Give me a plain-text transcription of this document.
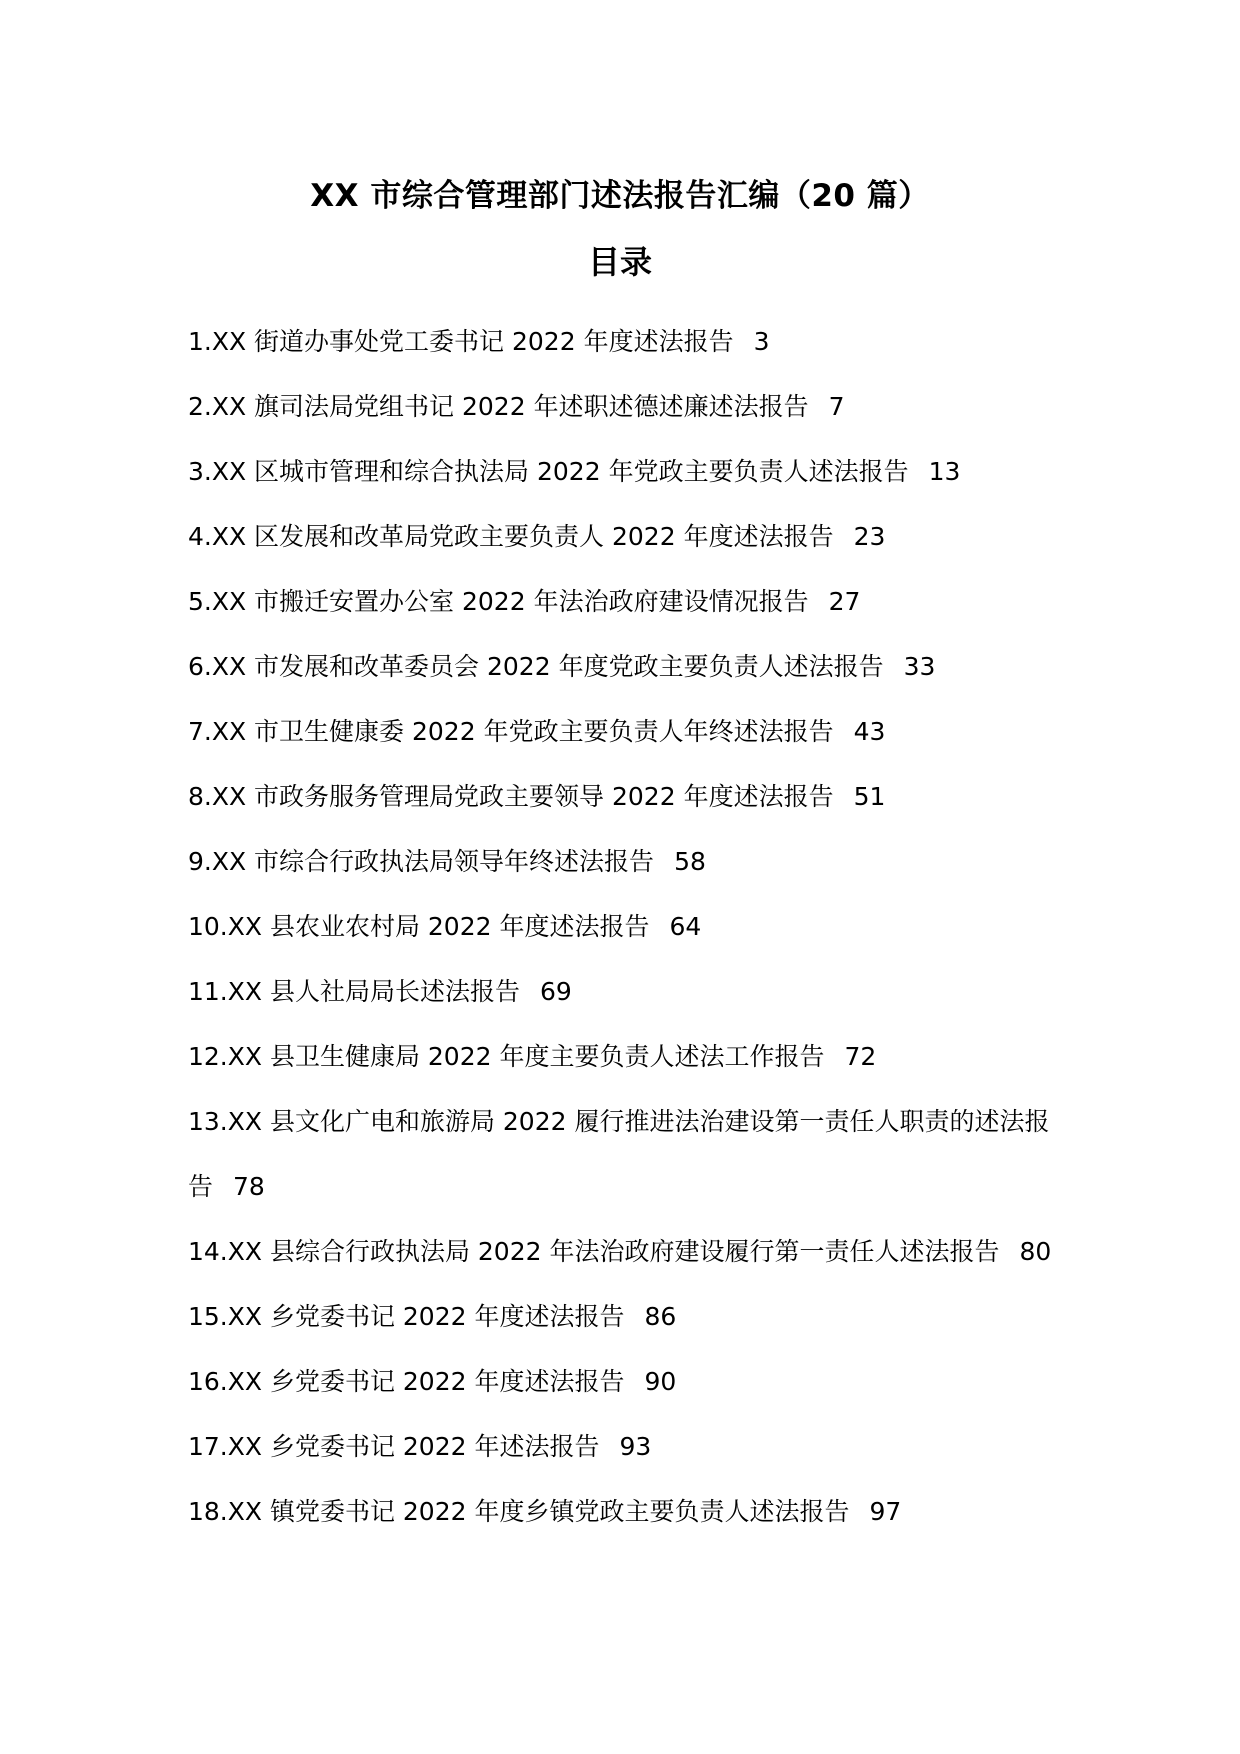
XX 市综合管理部门述法报告汇编（20 篇）
目录
1.XX 街道办事处党工委书记 2022 年度述法报告 3
2.XX 旗司法局党组书记 2022 年述职述德述廉述法报告 7
3.XX 区城市管理和综合执法局 2022 年党政主要负责人述法报告 13
4.XX 区发展和改革局党政主要负责人 2022 年度述法报告 23
5.XX 市搬迁安置办公室 2022 年法治政府建设情况报告 27
6.XX 市发展和改革委员会 2022 年度党政主要负责人述法报告 33
7.XX 市卫生健康委 2022 年党政主要负责人年终述法报告 43
8.XX 市政务服务管理局党政主要领导 2022 年度述法报告 51
9.XX 市综合行政执法局领导年终述法报告 58
10.XX 县农业农村局 2022 年度述法报告 64
11.XX 县人社局局长述法报告 69
12.XX 县卫生健康局 2022 年度主要负责人述法工作报告 72
13.XX 县文化广电和旅游局 2022 履行推进法治建设第一责任人职责的述法报告 78
14.XX 县综合行政执法局 2022 年法治政府建设履行第一责任人述法报告 80
15.XX 乡党委书记 2022 年度述法报告 86
16.XX 乡党委书记 2022 年度述法报告 90
17.XX 乡党委书记 2022 年述法报告 93
18.XX 镇党委书记 2022 年度乡镇党政主要负责人述法报告 97
